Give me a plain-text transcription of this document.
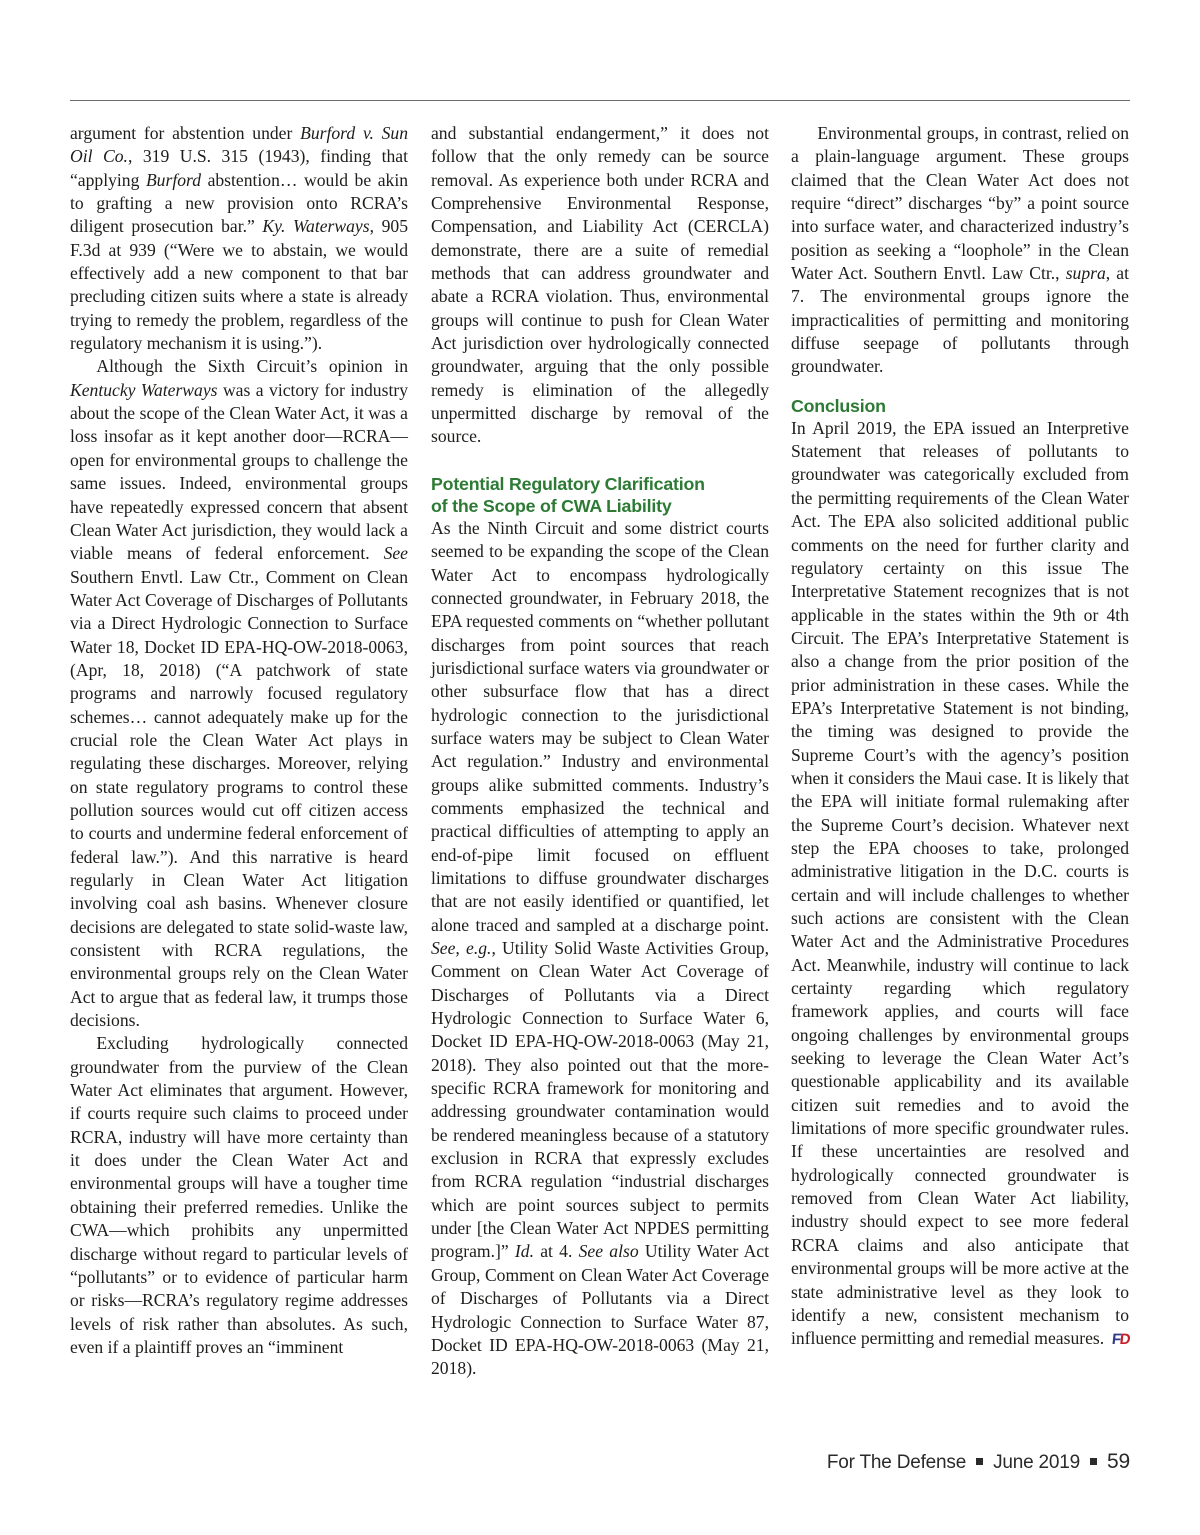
argument for abstention under Burford v. Sun Oil Co., 319 U.S. 315 (1943), finding that “applying Burford abstention… would be akin to grafting a new provision onto RCRA’s diligent prosecution bar.” Ky. Waterways, 905 F.3d at 939 (“Were we to abstain, we would effectively add a new component to that bar precluding citizen suits where a state is already trying to remedy the problem, regardless of the regulatory mechanism it is using.”).

Although the Sixth Circuit’s opinion in Kentucky Waterways was a victory for industry about the scope of the Clean Water Act, it was a loss insofar as it kept another door—RCRA—open for environmental groups to challenge the same issues. Indeed, environmental groups have repeatedly expressed concern that absent Clean Water Act jurisdiction, they would lack a viable means of federal enforcement. See Southern Envtl. Law Ctr., Comment on Clean Water Act Coverage of Discharges of Pollutants via a Direct Hydrologic Connection to Surface Water 18, Docket ID EPA-HQ-OW-2018-0063, (Apr, 18, 2018) (“A patchwork of state programs and narrowly focused regulatory schemes… cannot adequately make up for the crucial role the Clean Water Act plays in regulating these discharges. Moreover, relying on state regulatory programs to control these pollution sources would cut off citizen access to courts and undermine federal enforcement of federal law.”). And this narrative is heard regularly in Clean Water Act litigation involving coal ash basins. Whenever closure decisions are delegated to state solid-waste law, consistent with RCRA regulations, the environmental groups rely on the Clean Water Act to argue that as federal law, it trumps those decisions.

Excluding hydrologically connected groundwater from the purview of the Clean Water Act eliminates that argument. However, if courts require such claims to proceed under RCRA, industry will have more certainty than it does under the Clean Water Act and environmental groups will have a tougher time obtaining their preferred remedies. Unlike the CWA—which prohibits any unpermitted discharge without regard to particular levels of “pollutants” or to evidence of particular harm or risks—RCRA’s regulatory regime addresses levels of risk rather than absolutes. As such, even if a plaintiff proves an “imminent

and substantial endangerment,” it does not follow that the only remedy can be source removal. As experience both under RCRA and Comprehensive Environmental Response, Compensation, and Liability Act (CERCLA) demonstrate, there are a suite of remedial methods that can address groundwater and abate a RCRA violation. Thus, environmental groups will continue to push for Clean Water Act jurisdiction over hydrologically connected groundwater, arguing that the only possible remedy is elimination of the allegedly unpermitted discharge by removal of the source.

Potential Regulatory Clarification
of the Scope of CWA Liability

As the Ninth Circuit and some district courts seemed to be expanding the scope of the Clean Water Act to encompass hydrologically connected groundwater, in February 2018, the EPA requested comments on “whether pollutant discharges from point sources that reach jurisdictional surface waters via groundwater or other subsurface flow that has a direct hydrologic connection to the jurisdictional surface waters may be subject to Clean Water Act regulation.” Industry and environmental groups alike submitted comments. Industry’s comments emphasized the technical and practical difficulties of attempting to apply an end-of-pipe limit focused on effluent limitations to diffuse groundwater discharges that are not easily identified or quantified, let alone traced and sampled at a discharge point. See, e.g., Utility Solid Waste Activities Group, Comment on Clean Water Act Coverage of Discharges of Pollutants via a Direct Hydrologic Connection to Surface Water 6, Docket ID EPA-HQ-OW-2018-0063 (May 21, 2018). They also pointed out that the more-specific RCRA framework for monitoring and addressing groundwater contamination would be rendered meaningless because of a statutory exclusion in RCRA that expressly excludes from RCRA regulation “industrial discharges which are point sources subject to permits under [the Clean Water Act NPDES permitting program.]” Id. at 4. See also Utility Water Act Group, Comment on Clean Water Act Coverage of Discharges of Pollutants via a Direct Hydrologic Connection to Surface Water 87, Docket ID EPA-HQ-OW-2018-0063 (May 21, 2018).

Environmental groups, in contrast, relied on a plain-language argument. These groups claimed that the Clean Water Act does not require “direct” discharges “by” a point source into surface water, and characterized industry’s position as seeking a “loophole” in the Clean Water Act. Southern Envtl. Law Ctr., supra, at 7. The environmental groups ignore the impracticalities of permitting and monitoring diffuse seepage of pollutants through groundwater.

Conclusion

In April 2019, the EPA issued an Interpretive Statement that releases of pollutants to groundwater was categorically excluded from the permitting requirements of the Clean Water Act. The EPA also solicited additional public comments on the need for further clarity and regulatory certainty on this issue The Interpretative Statement recognizes that is not applicable in the states within the 9th or 4th Circuit. The EPA’s Interpretative Statement is also a change from the prior position of the prior administration in these cases. While the EPA’s Interpretative Statement is not binding, the timing was designed to provide the Supreme Court’s with the agency’s position when it considers the Maui case. It is likely that the EPA will initiate formal rulemaking after the Supreme Court’s decision. Whatever next step the EPA chooses to take, prolonged administrative litigation in the D.C. courts is certain and will include challenges to whether such actions are consistent with the Clean Water Act and the Administrative Procedures Act. Meanwhile, industry will continue to lack certainty regarding which regulatory framework applies, and courts will face ongoing challenges by environmental groups seeking to leverage the Clean Water Act’s questionable applicability and its available citizen suit remedies and to avoid the limitations of more specific groundwater rules. If these uncertainties are resolved and hydrologically connected groundwater is removed from Clean Water Act liability, industry should expect to see more federal RCRA claims and also anticipate that environmental groups will be more active at the state administrative level as they look to identify a new, consistent mechanism to influence permitting and remedial measures. FD

For The Defense June 2019 59
